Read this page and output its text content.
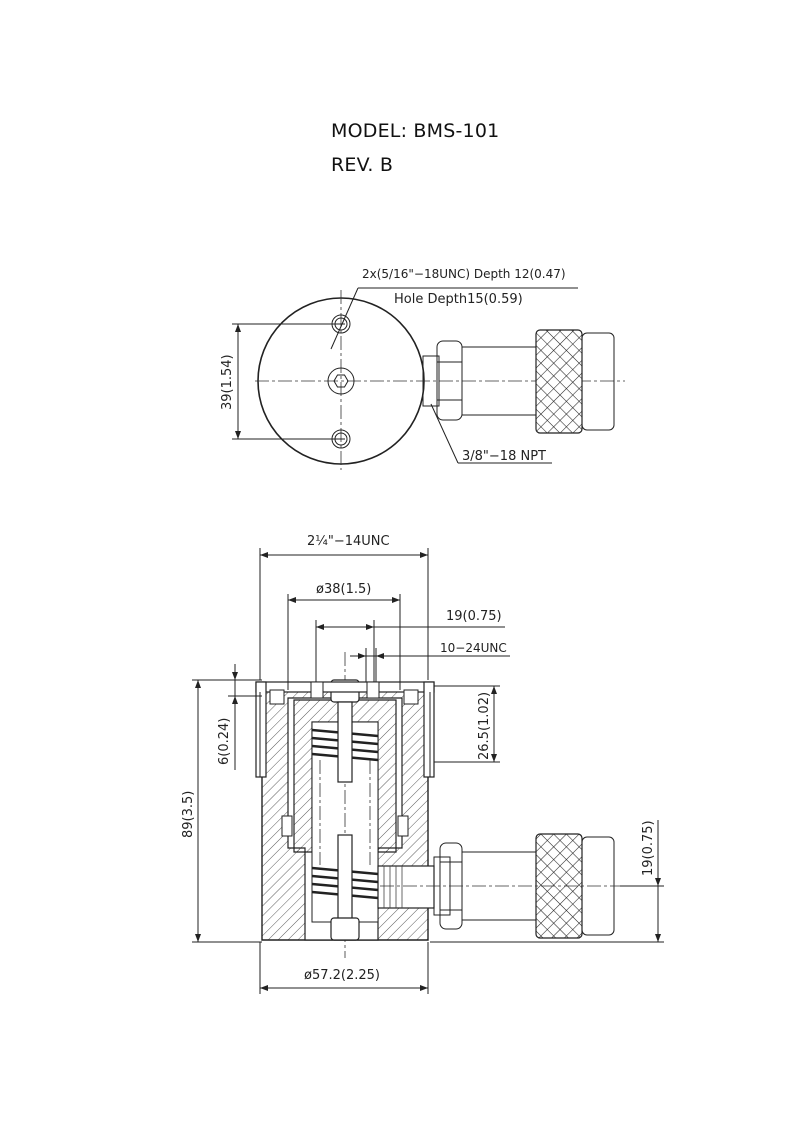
MODEL: BMS-101
REV. B
2x(5/16"−18UNC) Depth 12(0.47)
Hole Depth15(0.59)
39(1.54)
3/8"−18 NPT
2¼"−14UNC
ø38(1.5)
19(0.75)
10−24UNC
6(0.24)
89(3.5)
26.5(1.02)
19(0.75)
ø57.2(2.25)
